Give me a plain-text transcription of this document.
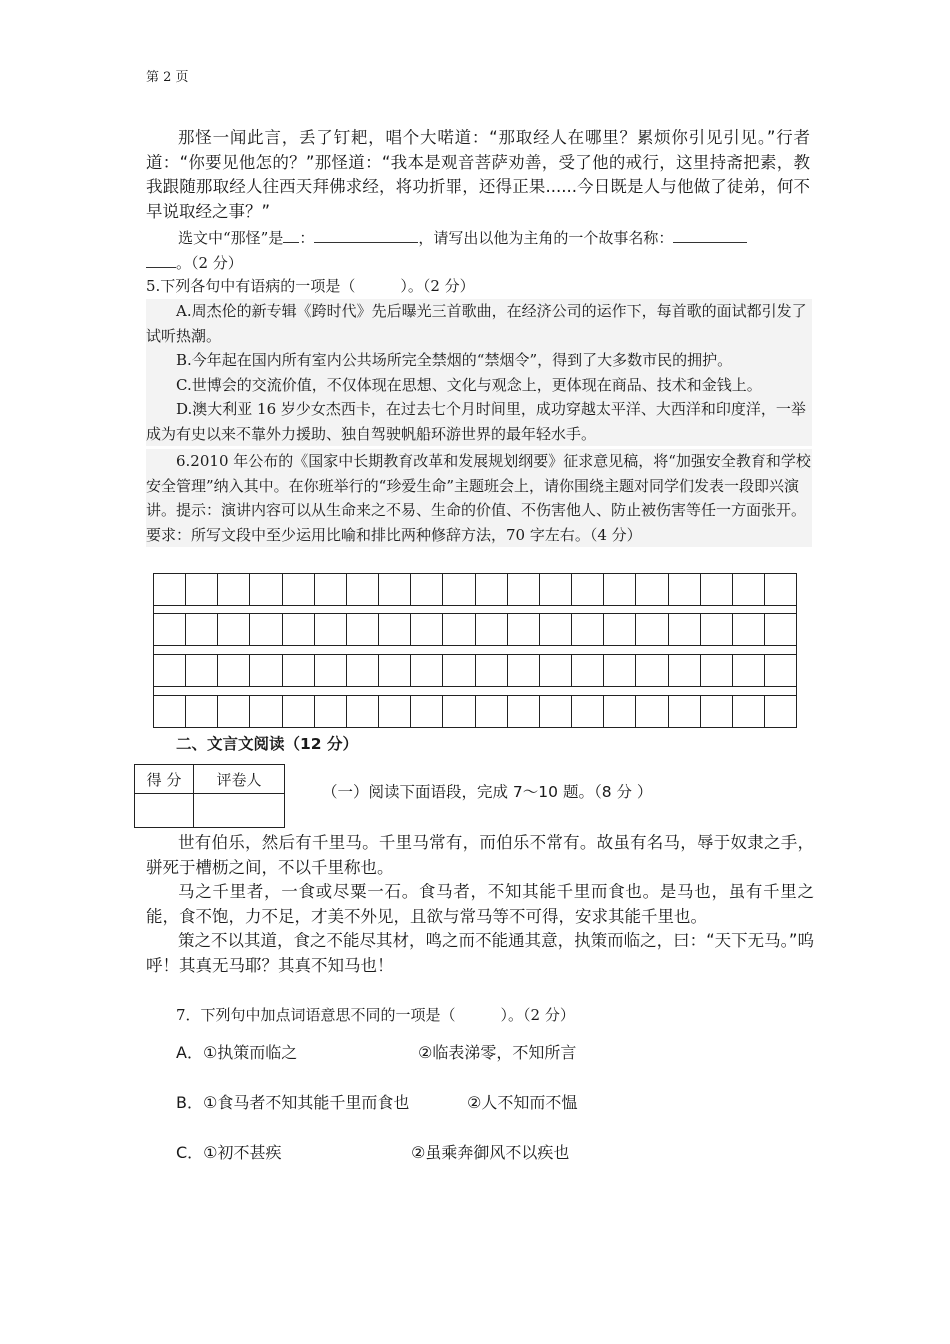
第 2 页

那怪一闻此言，丢了钉耙，唱个大喏道：“那取经人在哪里？累烦你引见引见。”行者道：“你要见他怎的？”那怪道：“我本是观音菩萨劝善，受了他的戒行，这里持斋把素，教我跟随那取经人往西天拜佛求经，将功折罪，还得正果......今日既是人与他做了徒弟，何不早说取经之事？”

选文中“那怪”是 ：	，请写出以他为主角的一个故事名称：

。（2 分）

5.下列各句中有语病的一项是（　　　）。（2 分）

A.周杰伦的新专辑《跨时代》先后曝光三首歌曲，在经济公司的运作下，每首歌的面试都引发了试听热潮。

B.今年起在国内所有室内公共场所完全禁烟的“禁烟令”，得到了大多数市民的拥护。

C.世博会的交流价值，不仅体现在思想、文化与观念上，更体现在商品、技术和金钱上。

D.澳大利亚 16 岁少女杰西卡，在过去七个月时间里，成功穿越太平洋、大西洋和印度洋，一举成为有史以来不靠外力援助、独自驾驶帆船环游世界的最年轻水手。

6.2010 年公布的《国家中长期教育改革和发展规划纲要》征求意见稿，将“加强安全教育和学校安全管理”纳入其中。在你班举行的“珍爱生命”主题班会上，请你围绕主题对同学们发表一段即兴演讲。提示：演讲内容可以从生命来之不易、生命的价值、不伤害他人、防止被伤害等任一方面张开。要求：所写文段中至少运用比喻和排比两种修辞方法，70 字左右。（4 分）

二、文言文阅读（12 分）
得 分	评卷人

（一）阅读下面语段，完成 7～10 题。（8 分 ）

世有伯乐，然后有千里马。千里马常有，而伯乐不常有。故虽有名马，辱于奴隶之手，骈死于槽枥之间，不以千里称也。

马之千里者，一食或尽粟一石。食马者，不知其能千里而食也。是马也，虽有千里之能，食不饱，力不足，才美不外见，且欲与常马等不可得，安求其能千里也。

策之不以其道，食之不能尽其材，鸣之而不能通其意，执策而临之，曰：“天下无马。”呜呼！其真无马耶？其真不知马也！

7．下列句中加点词语意思不同的一项是（　　　）。（2 分）
A．①执策而临之	②临表涕零，不知所言
B．①食马者不知其能千里而食也	②人不知而不愠
C．①初不甚疾	②虽乘奔御风不以疾也
